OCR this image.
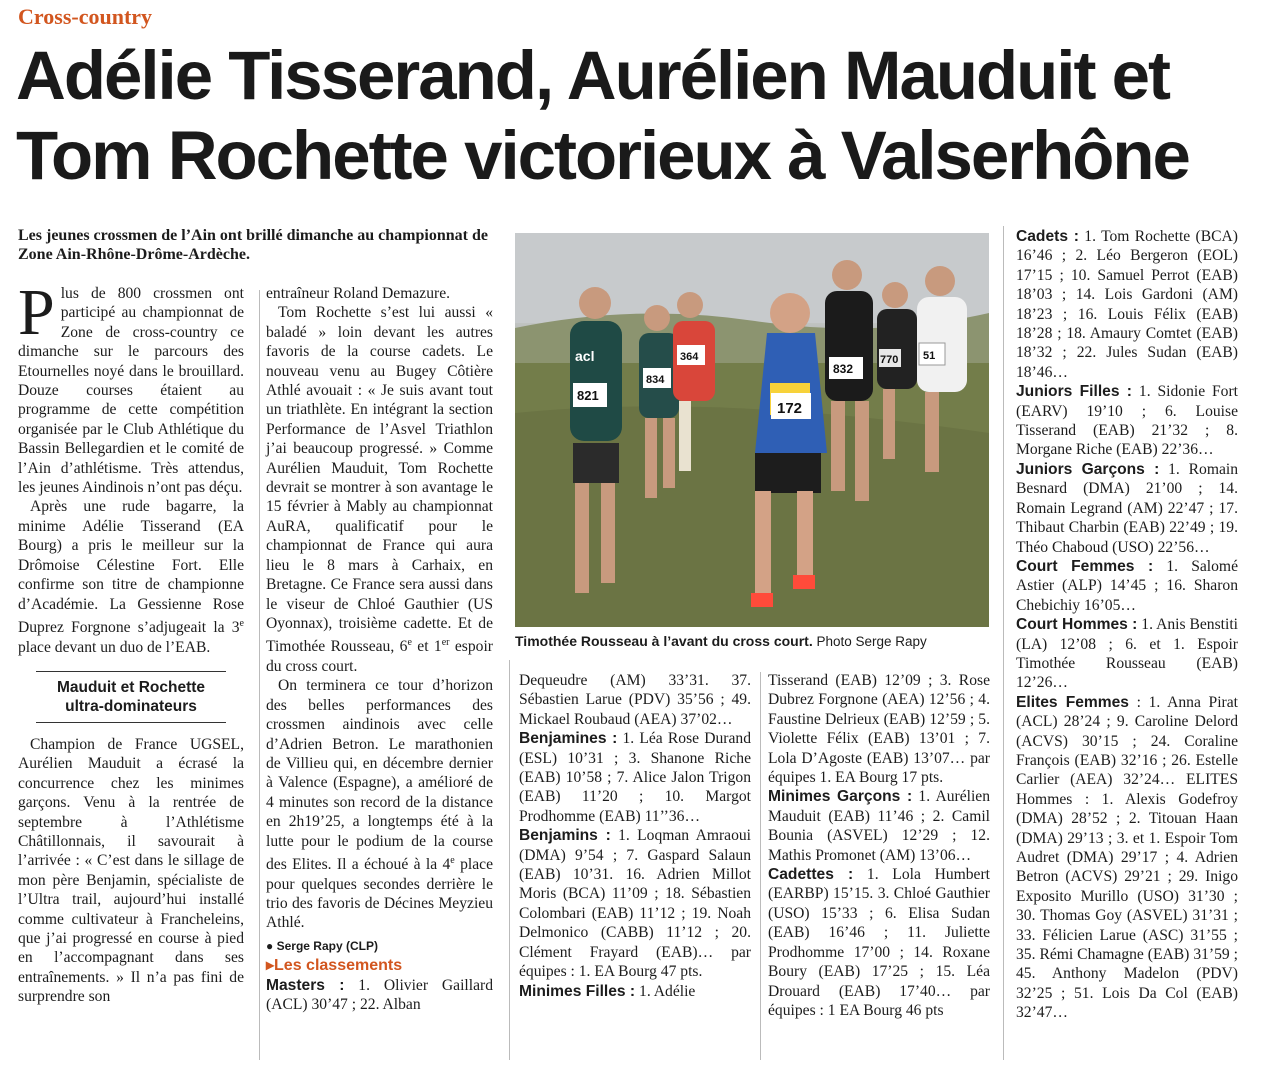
Cross-country
Adélie Tisserand, Aurélien Mauduit et
Tom Rochette victorieux à Valserhône
Les jeunes crossmen de l’Ain ont brillé dimanche au championnat de Zone Ain-Rhône-Drôme-Ardèche.

Plus de 800 crossmen ont participé au championnat de Zone de cross-country ce dimanche sur le parcours des Etournelles noyé dans le brouillard. Douze courses étaient au programme de cette compétition organisée par le Club Athlétique du Bassin Bellegardien et le comité de l’Ain d’athlétisme. Très attendus, les jeunes Aindinois n’ont pas déçu.

Après une rude bagarre, la minime Adélie Tisserand (EA Bourg) a pris le meilleur sur la Drômoise Célestine Fort. Elle confirme son titre de championne d’Académie. La Gessienne Rose Duprez Forgnone s’adjugeait la 3e place devant un duo de l’EAB.

Mauduit et Rochette ultra-dominateurs

Champion de France UGSEL, Aurélien Mauduit a écrasé la concurrence chez les minimes garçons. Venu à la rentrée de septembre à l’Athlétisme Châtillonnais, il savourait à l’arrivée : « C’est dans le sillage de mon père Benjamin, spécialiste de l’Ultra trail, aujourd’hui installé comme cultivateur à Francheleins, que j’ai progressé en course à pied en l’accompagnant dans ses entraînements. » Il n’a pas fini de surprendre son

entraîneur Roland Demazure.

Tom Rochette s’est lui aussi « baladé » loin devant les autres favoris de la course cadets. Le nouveau venu au Bugey Côtière Athlé avouait : « Je suis avant tout un triathlète. En intégrant la section Performance de l’Asvel Triathlon j’ai beaucoup progressé. » Comme Aurélien Mauduit, Tom Rochette devrait se montrer à son avantage le 15 février à Mably au championnat AuRA, qualificatif pour le championnat de France qui aura lieu le 8 mars à Carhaix, en Bretagne. Ce France sera aussi dans le viseur de Chloé Gauthier (US Oyonnax), troisième cadette. Et de Timothée Rousseau, 6e et 1er espoir du cross court.

On terminera ce tour d’horizon des belles performances des crossmen aindinois avec celle d’Adrien Betron. Le marathonien de Villieu qui, en décembre dernier à Valence (Espagne), a amélioré de 4 minutes son record de la distance en 2h19’25, a longtemps été à la lutte pour le podium de la course des Elites. Il a échoué à la 4e place pour quelques secondes derrière le trio des favoris de Décines Meyzieu Athlé.

● Serge Rapy (CLP)
▸Les classements

Masters : 1. Olivier Gaillard (ACL) 30’47 ; 22. Alban

821
acl
834
364
172
832
770 51
Timothée Rousseau à l’avant du cross court. Photo Serge Rapy

Dequeudre (AM) 33’31. 37. Sébastien Larue (PDV) 35’56 ; 49. Mickael Roubaud (AEA) 37’02…

Benjamines : 1. Léa Rose Durand (ESL) 10’31 ; 3. Shanone Riche (EAB) 10’58 ; 7. Alice Jalon Trigon (EAB) 11’20 ; 10. Margot Prodhomme (EAB) 11’’36…

Benjamins : 1. Loqman Amraoui (DMA) 9’54 ; 7. Gaspard Salaun (EAB) 10’31. 16. Adrien Millot Moris (BCA) 11’09 ; 18. Sébastien Colombari (EAB) 11’12 ; 19. Noah Delmonico (CABB) 11’12 ; 20. Clément Frayard (EAB)… par équipes : 1. EA Bourg 47 pts.

Minimes Filles : 1. Adélie

Tisserand (EAB) 12’09 ; 3. Rose Dubrez Forgnone (AEA) 12’56 ; 4. Faustine Delrieux (EAB) 12’59 ; 5. Violette Félix (EAB) 13’01 ; 7. Lola D’Agoste (EAB) 13’07… par équipes 1. EA Bourg 17 pts.

Minimes Garçons : 1. Aurélien Mauduit (EAB) 11’46 ; 2. Camil Bounia (ASVEL) 12’29 ; 12. Mathis Promonet (AM) 13’06…

Cadettes : 1. Lola Humbert (EARBP) 15’15. 3. Chloé Gauthier (USO) 15’33 ; 6. Elisa Sudan (EAB) 16’46 ; 11. Juliette Prodhomme 17’00 ; 14. Roxane Boury (EAB) 17’25 ; 15. Léa Drouard (EAB) 17’40… par équipes : 1 EA Bourg 46 pts

Cadets : 1. Tom Rochette (BCA) 16’46 ; 2. Léo Bergeron (EOL) 17’15 ; 10. Samuel Perrot (EAB) 18’03 ; 14. Lois Gardoni (AM) 18’23 ; 16. Louis Félix (EAB) 18’28 ; 18. Amaury Comtet (EAB) 18’32 ; 22. Jules Sudan (EAB) 18’46…

Juniors Filles : 1. Sidonie Fort (EARV) 19’10 ; 6. Louise Tisserand (EAB) 21’32 ; 8. Morgane Riche (EAB) 22’36…

Juniors Garçons : 1. Romain Besnard (DMA) 21’00 ; 14. Romain Legrand (AM) 22’47 ; 17. Thibaut Charbin (EAB) 22’49 ; 19. Théo Chaboud (USO) 22’56…

Court Femmes : 1. Salomé Astier (ALP) 14’45 ; 16. Sharon Chebichiy 16’05…

Court Hommes : 1. Anis Benstiti (LA) 12’08 ; 6. et 1. Espoir Timothée Rousseau (EAB) 12’26…

Elites Femmes : 1. Anna Pirat (ACL) 28’24 ; 9. Caroline Delord (ACVS) 30’15 ; 24. Coraline François (EAB) 32’16 ; 26. Estelle Carlier (AEA) 32’24… ELITES Hommes : 1. Alexis Godefroy (DMA) 28’52 ; 2. Titouan Haan (DMA) 29’13 ; 3. et 1. Espoir Tom Audret (DMA) 29’17 ; 4. Adrien Betron (ACVS) 29’21 ; 29. Inigo Exposito Murillo (USO) 31’30 ; 30. Thomas Goy (ASVEL) 31’31 ; 33. Félicien Larue (ASC) 31’55 ; 35. Rémi Chamagne (EAB) 31’59 ; 45. Anthony Madelon (PDV) 32’25 ; 51. Lois Da Col (EAB) 32’47…
